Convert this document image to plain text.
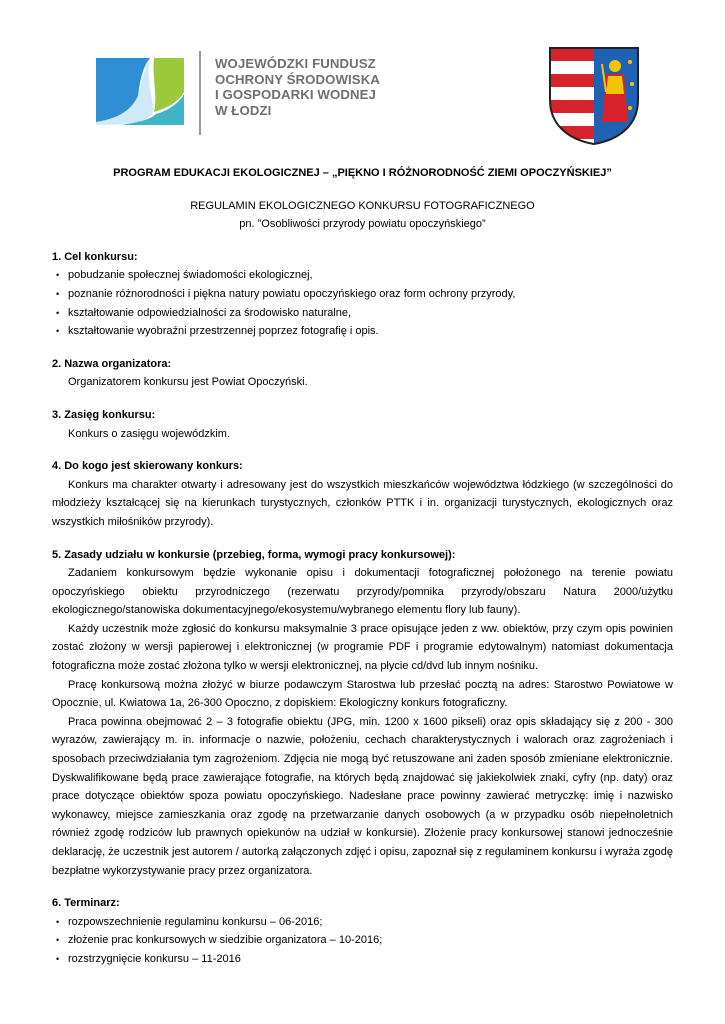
WOJEWÓDZKI FUNDUSZ
OCHRONY ŚRODOWISKA
I GOSPODARKI WODNEJ
W ŁODZI

PROGRAM EDUKACJI EKOLOGICZNEJ – „PIĘKNO I RÓŻNORODNOŚĆ ZIEMI OPOCZYŃSKIEJ”

REGULAMIN EKOLOGICZNEGO KONKURSU FOTOGRAFICZNEGO
pn. ”Osobliwości przyrody powiatu opoczyńskiego”
1. Cel konkursu:
• pobudzanie społecznej świadomości ekologicznej,
• poznanie różnorodności i piękna natury powiatu opoczyńskiego oraz form ochrony przyrody,
• kształtowanie odpowiedzialności za środowisko naturalne,
• kształtowanie wyobraźni przestrzennej poprzez fotografię i opis.
2. Nazwa organizatora:
Organizatorem konkursu jest Powiat Opoczyński.
3. Zasięg konkursu:
Konkurs o zasięgu wojewódzkim.
4. Do kogo jest skierowany konkurs:

Konkurs ma charakter otwarty i adresowany jest do wszystkich mieszkańców województwa łódzkiego (w szczególności do młodzieży kształcącej się na kierunkach turystycznych, członków PTTK i in. organizacji turystycznych, ekologicznych oraz wszystkich miłośników przyrody).

5. Zasady udziału w konkursie (przebieg, forma, wymogi pracy konkursowej):

Zadaniem konkursowym będzie wykonanie opisu i dokumentacji fotograficznej położonego na terenie powiatu opoczyńskiego obiektu przyrodniczego (rezerwatu przyrody/pomnika przyrody/obszaru Natura 2000/użytku ekologicznego/stanowiska dokumentacyjnego/ekosystemu/wybranego elementu flory lub fauny).

Każdy uczestnik może zgłosić do konkursu maksymalnie 3 prace opisujące jeden z ww. obiektów, przy czym opis powinien zostać złożony w wersji papierowej i elektronicznej (w programie PDF i programie edytowalnym) natomiast dokumentacja fotograficzna może zostać złożona tylko w wersji elektronicznej, na płycie cd/dvd lub innym nośniku.

Pracę konkursową można złożyć w biurze podawczym Starostwa lub przesłać pocztą na adres: Starostwo Powiatowe w Opocznie, ul. Kwiatowa 1a, 26-300 Opoczno, z dopiskiem: Ekologiczny konkurs fotograficzny.

Praca powinna obejmować 2 – 3 fotografie obiektu (JPG, min. 1200 x 1600 pikseli) oraz opis składający się z 200 - 300 wyrazów, zawierający m. in. informacje o nazwie, położeniu, cechach charakterystycznych i walorach oraz zagrożeniach i sposobach przeciwdziałania tym zagrożeniom. Zdjęcia nie mogą być retuszowane ani żaden sposób zmieniane elektronicznie. Dyskwalifikowane będą prace zawierające fotografie, na których będą znajdować się jakiekolwiek znaki, cyfry (np. daty) oraz prace dotyczące obiektów spoza powiatu opoczyńskiego. Nadesłane prace powinny zawierać metryczkę: imię i nazwisko wykonawcy, miejsce zamieszkania oraz zgodę na przetwarzanie danych osobowych (a w przypadku osób niepełnoletnich również zgodę rodziców lub prawnych opiekunów na udział w konkursie). Złożenie pracy konkursowej stanowi jednocześnie deklarację, że uczestnik jest autorem / autorką załączonych zdjęć i opisu, zapoznał się z regulaminem konkursu i wyraża zgodę bezpłatne wykorzystywanie pracy przez organizatora.

6. Terminarz:
• rozpowszechnienie regulaminu konkursu – 06-2016;
• złożenie prac konkursowych w siedzibie organizatora – 10-2016;
• rozstrzygnięcie konkursu – 11-2016
